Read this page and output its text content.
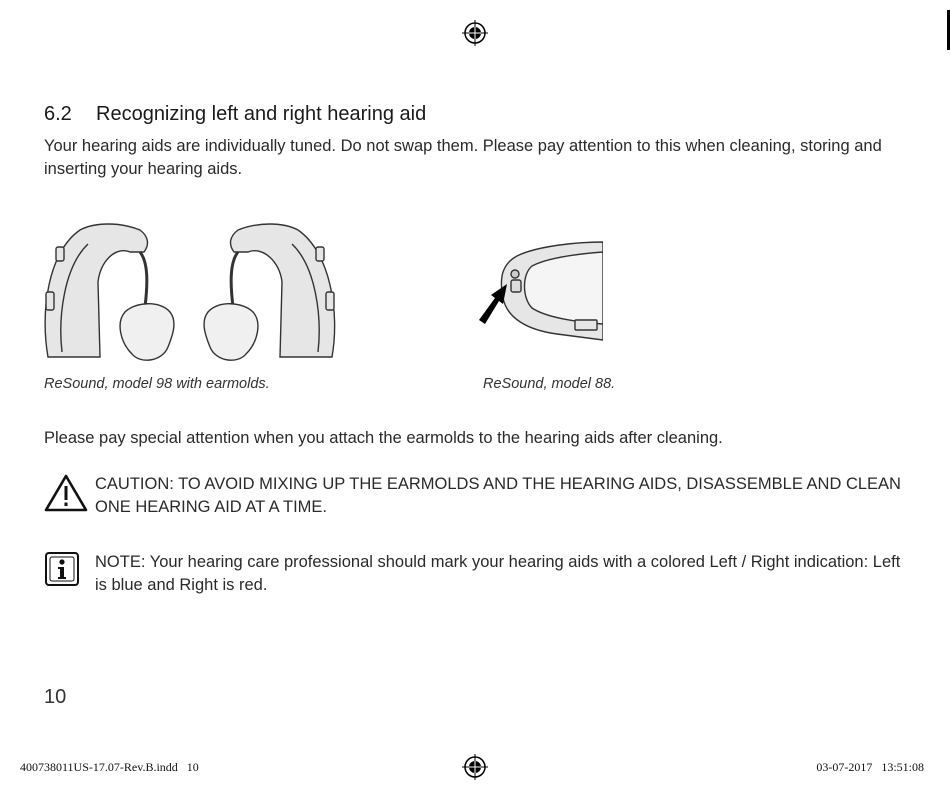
6.2	Recognizing left and right hearing aid
Your hearing aids are individually tuned. Do not swap them. Please pay attention to this when cleaning, storing and inserting your hearing aids.
ReSound, model 98 with earmolds.	ReSound, model 88.
Please pay special attention when you attach the earmolds to the hearing aids after cleaning.
CAUTION: TO AVOID MIXING UP THE EARMOLDS AND THE HEARING AIDS, DISASSEMBLE AND CLEAN ONE HEARING AID AT A TIME.
NOTE: Your hearing care professional should mark your hearing aids with a colored Left / Right indication: Left is blue and Right is red.
10
400738011US-17.07-Rev.B.indd   10	03-07-2017   13:51:08
